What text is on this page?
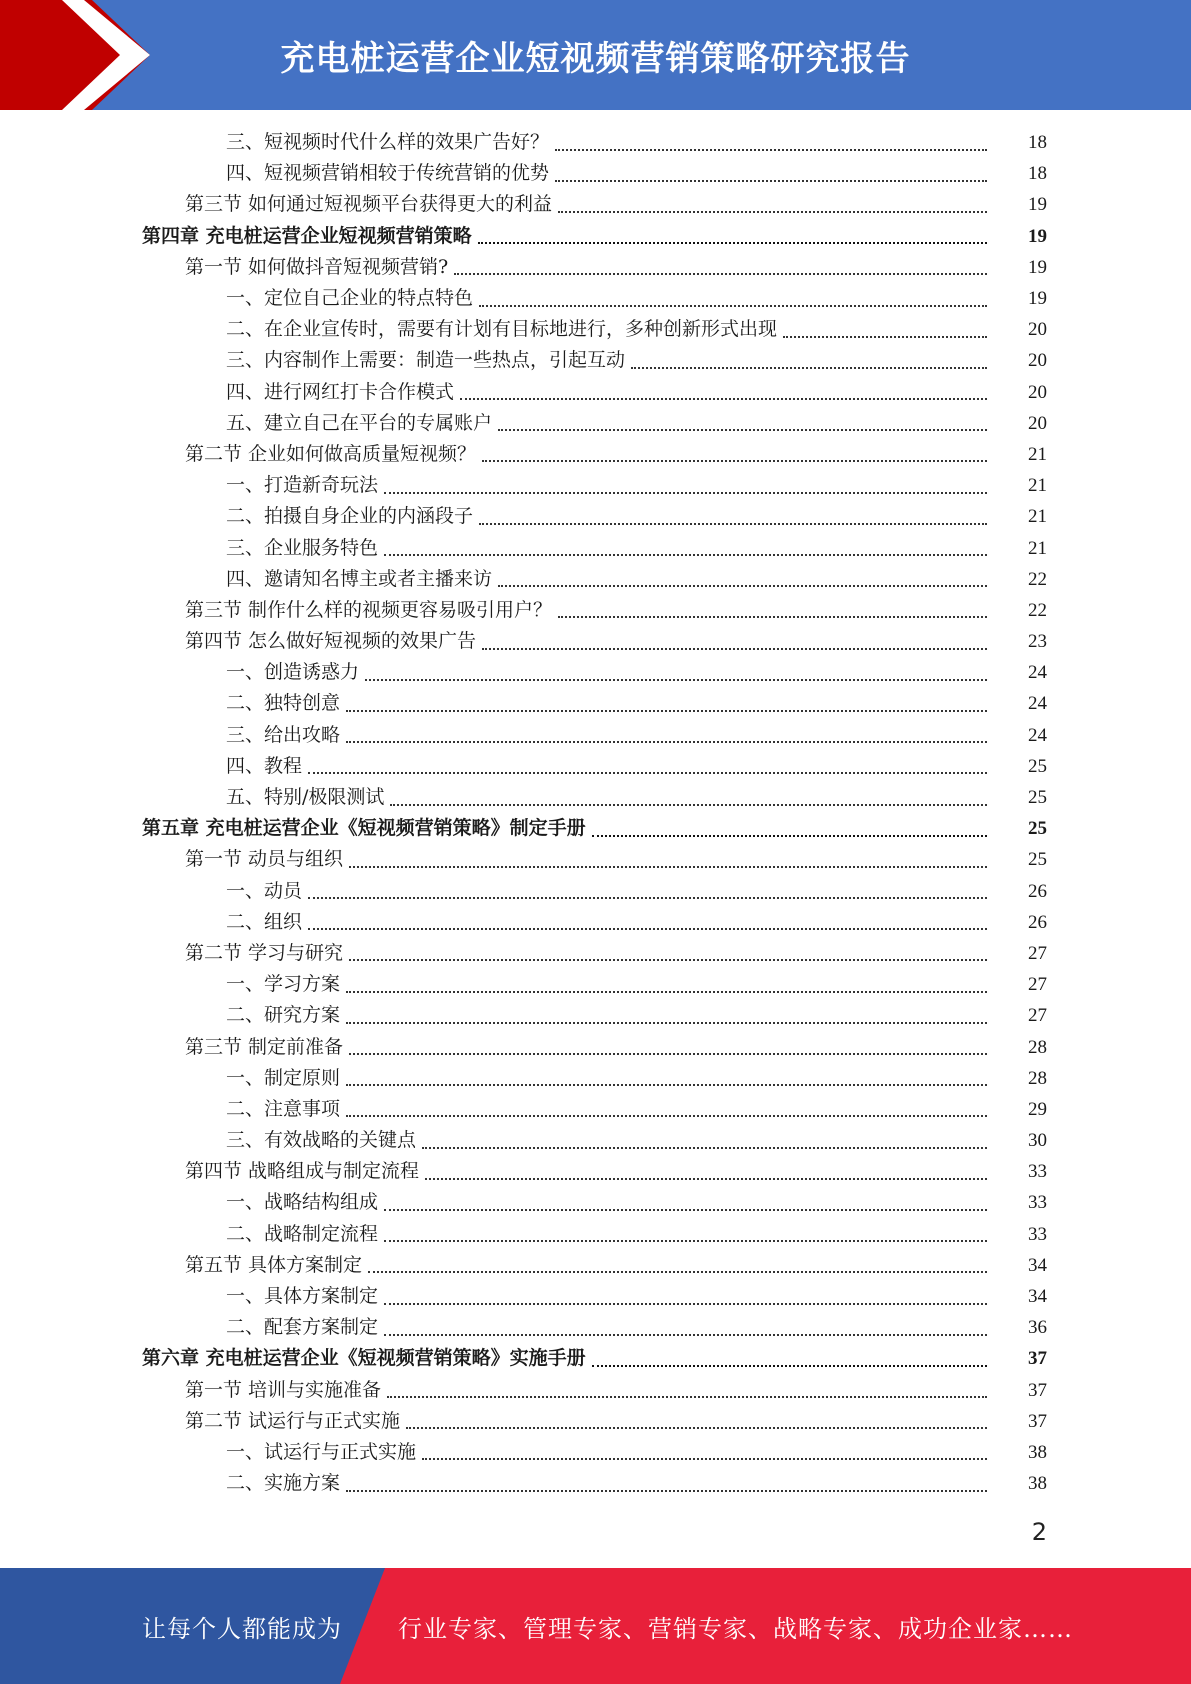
充电桩运营企业短视频营销策略研究报告
三、短视频时代什么样的效果广告好？	18
四、短视频营销相较于传统营销的优势	18
第三节 如何通过短视频平台获得更大的利益	19
第四章 充电桩运营企业短视频营销策略	19
第一节 如何做抖音短视频营销?	19
一、定位自己企业的特点特色	19
二、在企业宣传时，需要有计划有目标地进行，多种创新形式出现	20
三、内容制作上需要：制造一些热点，引起互动	20
四、进行网红打卡合作模式	20
五、建立自己在平台的专属账户	20
第二节 企业如何做高质量短视频？	21
一、打造新奇玩法	21
二、拍摄自身企业的内涵段子	21
三、企业服务特色	21
四、邀请知名博主或者主播来访	22
第三节 制作什么样的视频更容易吸引用户？	22
第四节 怎么做好短视频的效果广告	23
一、创造诱惑力	24
二、独特创意	24
三、给出攻略	24
四、教程	25
五、特别/极限测试	25
第五章 充电桩运营企业《短视频营销策略》制定手册	25
第一节 动员与组织	25
一、动员	26
二、组织	26
第二节 学习与研究	27
一、学习方案	27
二、研究方案	27
第三节 制定前准备	28
一、制定原则	28
二、注意事项	29
三、有效战略的关键点	30
第四节 战略组成与制定流程	33
一、战略结构组成	33
二、战略制定流程	33
第五节 具体方案制定	34
一、具体方案制定	34
二、配套方案制定	36
第六章 充电桩运营企业《短视频营销策略》实施手册	37
第一节 培训与实施准备	37
第二节 试运行与正式实施	37
一、试运行与正式实施	38
二、实施方案	38
2
让每个人都能成为 行业专家、管理专家、营销专家、战略专家、成功企业家……
